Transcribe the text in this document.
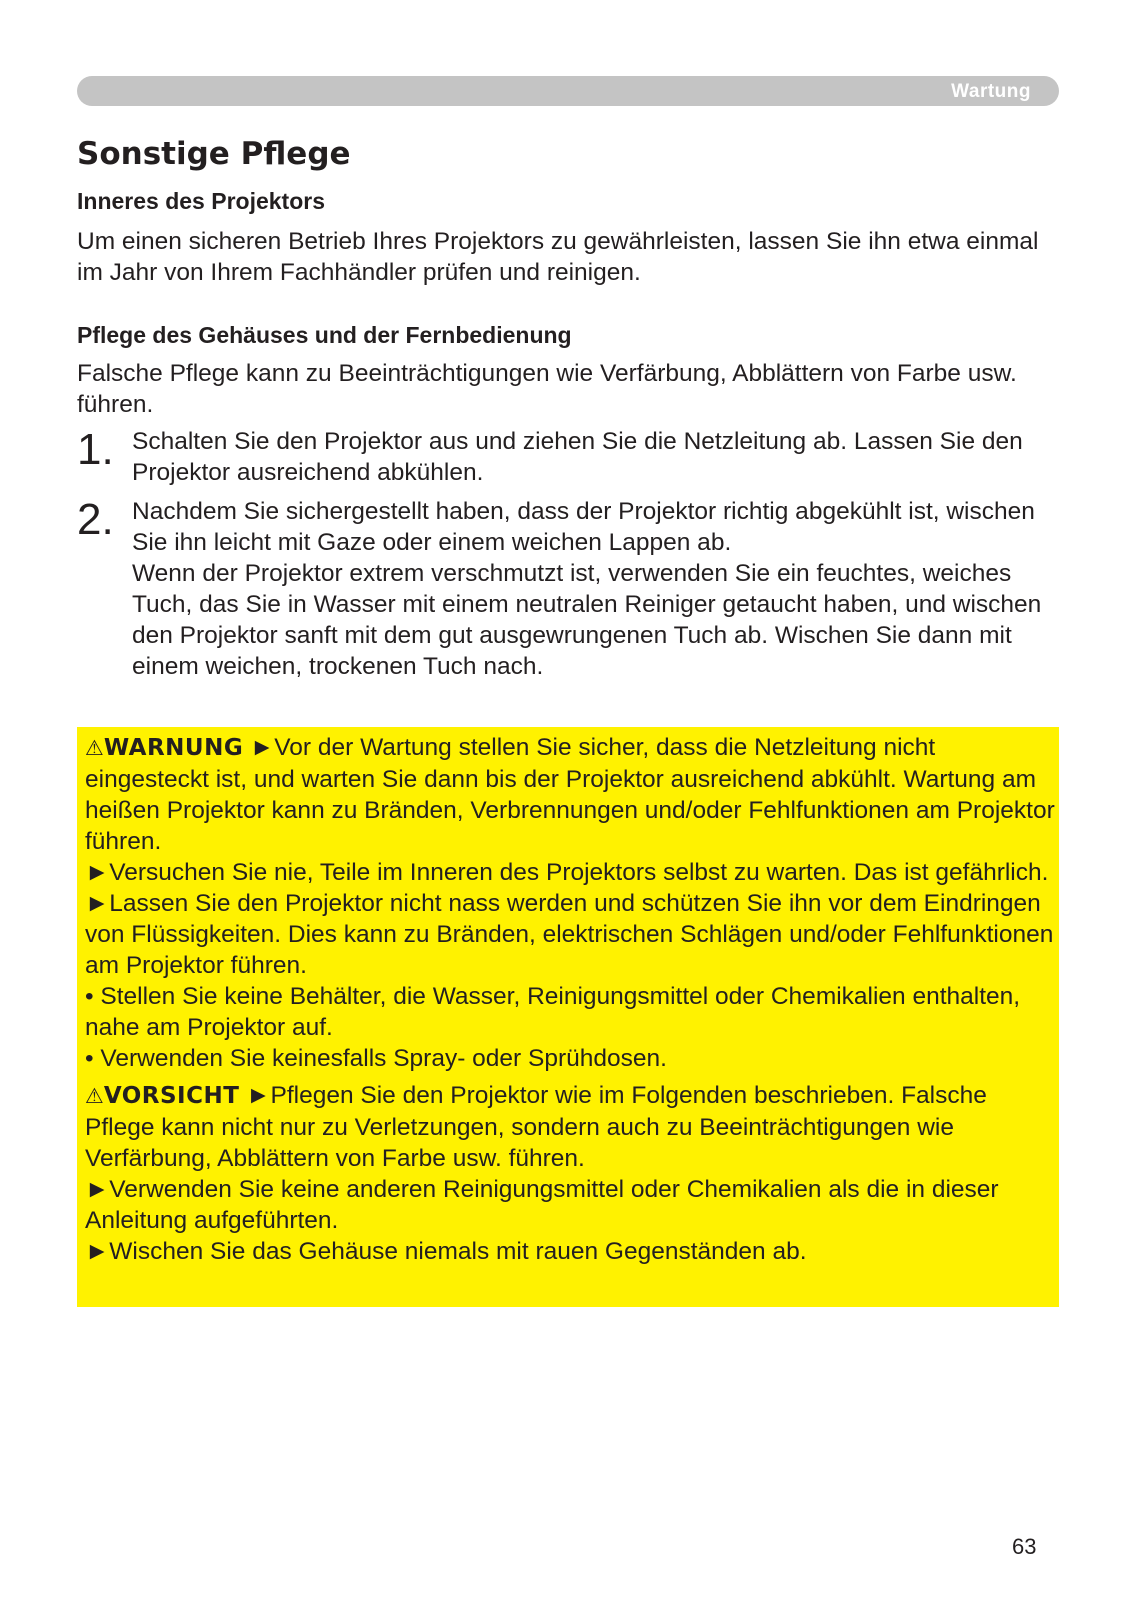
Wartung
Sonstige Pflege
Inneres des Projektors

Um einen sicheren Betrieb Ihres Projektors zu gewährleisten, lassen Sie ihn etwa einmal im Jahr von Ihrem Fachhändler prüfen und reinigen.

Pflege des Gehäuses und der Fernbedienung

Falsche Pflege kann zu Beeinträchtigungen wie Verfärbung, Abblättern von Farbe usw. führen.

1. Schalten Sie den Projektor aus und ziehen Sie die Netzleitung ab. Lassen Sie den Projektor ausreichend abkühlen.
2. Nachdem Sie sichergestellt haben, dass der Projektor richtig abgekühlt ist, wischen Sie ihn leicht mit Gaze oder einem weichen Lappen ab.
Wenn der Projektor extrem verschmutzt ist, verwenden Sie ein feuchtes, weiches Tuch, das Sie in Wasser mit einem neutralen Reiniger getaucht haben, und wischen den Projektor sanft mit dem gut ausgewrungenen Tuch ab. Wischen Sie dann mit einem weichen, trockenen Tuch nach.

⚠WARNUNG ►Vor der Wartung stellen Sie sicher, dass die Netzleitung nicht eingesteckt ist, und warten Sie dann bis der Projektor ausreichend abkühlt. Wartung am heißen Projektor kann zu Bränden, Verbrennungen und/oder Fehlfunktionen am Projektor führen.

►Versuchen Sie nie, Teile im Inneren des Projektors selbst zu warten. Das ist gefährlich.

►Lassen Sie den Projektor nicht nass werden und schützen Sie ihn vor dem Eindringen von Flüssigkeiten. Dies kann zu Bränden, elektrischen Schlägen und/oder Fehlfunktionen am Projektor führen.

• Stellen Sie keine Behälter, die Wasser, Reinigungsmittel oder Chemikalien enthalten, nahe am Projektor auf.

• Verwenden Sie keinesfalls Spray- oder Sprühdosen.

⚠VORSICHT ►Pflegen Sie den Projektor wie im Folgenden beschrieben. Falsche Pflege kann nicht nur zu Verletzungen, sondern auch zu Beeinträchtigungen wie Verfärbung, Abblättern von Farbe usw. führen.

►Verwenden Sie keine anderen Reinigungsmittel oder Chemikalien als die in dieser Anleitung aufgeführten.

►Wischen Sie das Gehäuse niemals mit rauen Gegenständen ab.

63
